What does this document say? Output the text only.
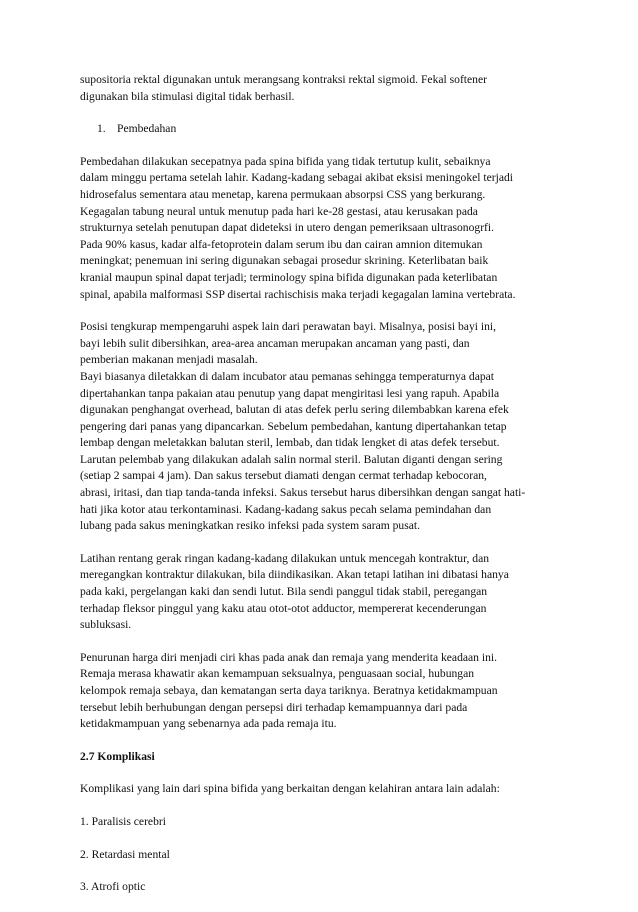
supositoria rektal digunakan untuk merangsang kontraksi rektal sigmoid. Fekal softener
digunakan bila stimulasi digital tidak berhasil.
1. Pembedahan
Pembedahan dilakukan secepatnya pada spina bifida yang tidak tertutup kulit, sebaiknya
dalam minggu pertama setelah lahir. Kadang-kadang sebagai akibat eksisi meningokel terjadi
hidrosefalus sementara atau menetap, karena permukaan absorpsi CSS yang berkurang.
Kegagalan tabung neural untuk menutup pada hari ke-28 gestasi, atau kerusakan pada
strukturnya setelah penutupan dapat dideteksi in utero dengan pemeriksaan ultrasonogrfi.
Pada 90% kasus, kadar alfa-fetoprotein dalam serum ibu dan cairan amnion ditemukan
meningkat; penemuan ini sering digunakan sebagai prosedur skrining. Keterlibatan baik
kranial maupun spinal dapat terjadi; terminology spina bifida digunakan pada keterlibatan
spinal, apabila malformasi SSP disertai rachischisis maka terjadi kegagalan lamina vertebrata.
Posisi tengkurap mempengaruhi aspek lain dari perawatan bayi. Misalnya, posisi bayi ini,
bayi lebih sulit dibersihkan, area-area ancaman merupakan ancaman yang pasti, dan
pemberian makanan menjadi masalah.
Bayi biasanya diletakkan di dalam incubator atau pemanas sehingga temperaturnya dapat
dipertahankan tanpa pakaian atau penutup yang dapat mengiritasi lesi yang rapuh. Apabila
digunakan penghangat overhead, balutan di atas defek perlu sering dilembabkan karena efek
pengering dari panas yang dipancarkan. Sebelum pembedahan, kantung dipertahankan tetap
lembap dengan meletakkan balutan steril, lembab, dan tidak lengket di atas defek tersebut.
Larutan pelembab yang dilakukan adalah salin normal steril. Balutan diganti dengan sering
(setiap 2 sampai 4 jam). Dan sakus tersebut diamati dengan cermat terhadap kebocoran,
abrasi, iritasi, dan tiap tanda-tanda infeksi. Sakus tersebut harus dibersihkan dengan sangat hati-
hati jika kotor atau terkontaminasi. Kadang-kadang sakus pecah selama pemindahan dan
lubang pada sakus meningkatkan resiko infeksi pada system saram pusat.
Latihan rentang gerak ringan kadang-kadang dilakukan untuk mencegah kontraktur, dan
meregangkan kontraktur dilakukan, bila diindikasikan. Akan tetapi latihan ini dibatasi hanya
pada kaki, pergelangan kaki dan sendi lutut. Bila sendi panggul tidak stabil, peregangan
terhadap fleksor pinggul yang kaku atau otot-otot adductor, mempererat kecenderungan
subluksasi.
Penurunan harga diri menjadi ciri khas pada anak dan remaja yang menderita keadaan ini.
Remaja merasa khawatir akan kemampuan seksualnya, penguasaan social, hubungan
kelompok remaja sebaya, dan kematangan serta daya tariknya. Beratnya ketidakmampuan
tersebut lebih berhubungan dengan persepsi diri terhadap kemampuannya dari pada
ketidakmampuan yang sebenarnya ada pada remaja itu.
2.7 Komplikasi
Komplikasi yang lain dari spina bifida yang berkaitan dengan kelahiran antara lain adalah:
1. Paralisis cerebri
2. Retardasi mental
3. Atrofi optic
